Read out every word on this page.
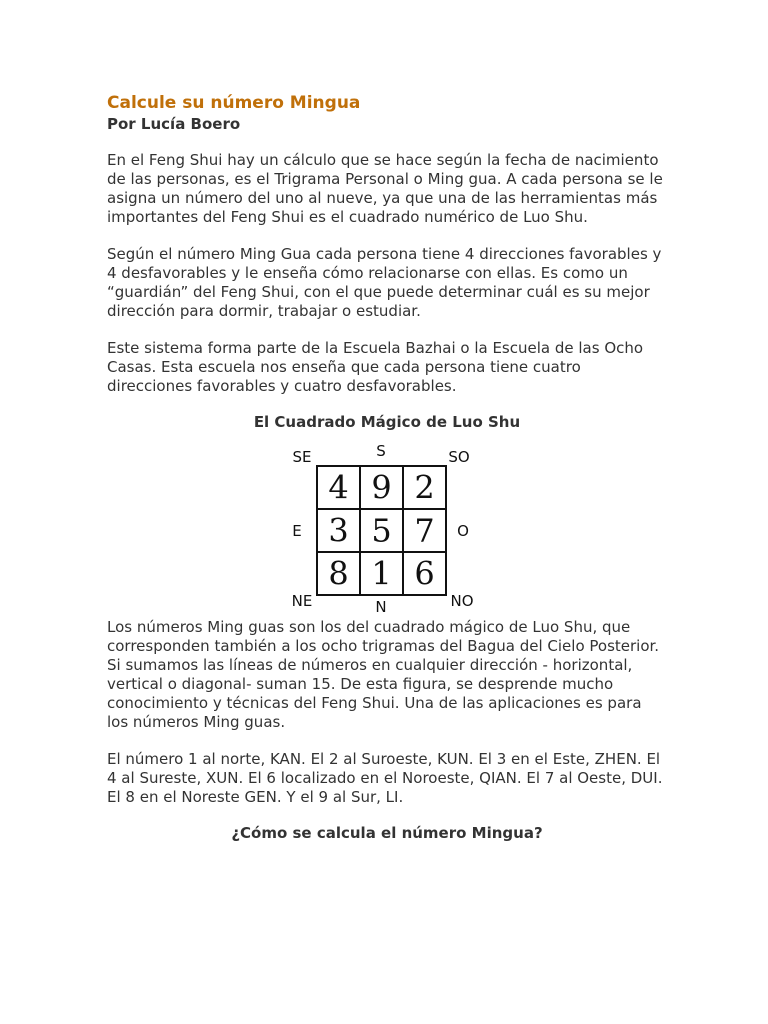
Calcule su número Mingua
Por Lucía Boero

En el Feng Shui hay un cálculo que se hace según la fecha de nacimiento de las personas, es el Trigrama Personal o Ming gua. A cada persona se le asigna un número del uno al nueve, ya que una de las herramientas más importantes del Feng Shui es el cuadrado numérico de Luo Shu.

Según el número Ming Gua cada persona tiene 4 direcciones favorables y 4 desfavorables y le enseña cómo relacionarse con ellas. Es como un “guardián” del Feng Shui, con el que puede determinar cuál es su mejor dirección para dormir, trabajar o estudiar.

Este sistema forma parte de la Escuela Bazhai o la Escuela de las Ocho Casas. Esta escuela nos enseña que cada persona tiene cuatro direcciones favorables y cuatro desfavorables.

El Cuadrado Mágico de Luo Shu
4 9 2
3 5 7
8 1 6
SE	S	SO
E	O
NE	N	NO

Los números Ming guas son los del cuadrado mágico de Luo Shu, que corresponden también a los ocho trigramas del Bagua del Cielo Posterior. Si sumamos las líneas de números en cualquier dirección - horizontal, vertical o diagonal- suman 15. De esta figura, se desprende mucho conocimiento y técnicas del Feng Shui. Una de las aplicaciones es para los números Ming guas.

El número 1 al norte, KAN. El 2 al Suroeste, KUN. El 3 en el Este, ZHEN. El 4 al Sureste, XUN. El 6 localizado en el Noroeste, QIAN. El 7 al Oeste, DUI. El 8 en el Noreste GEN. Y el 9 al Sur, LI.

¿Cómo se calcula el número Mingua?
